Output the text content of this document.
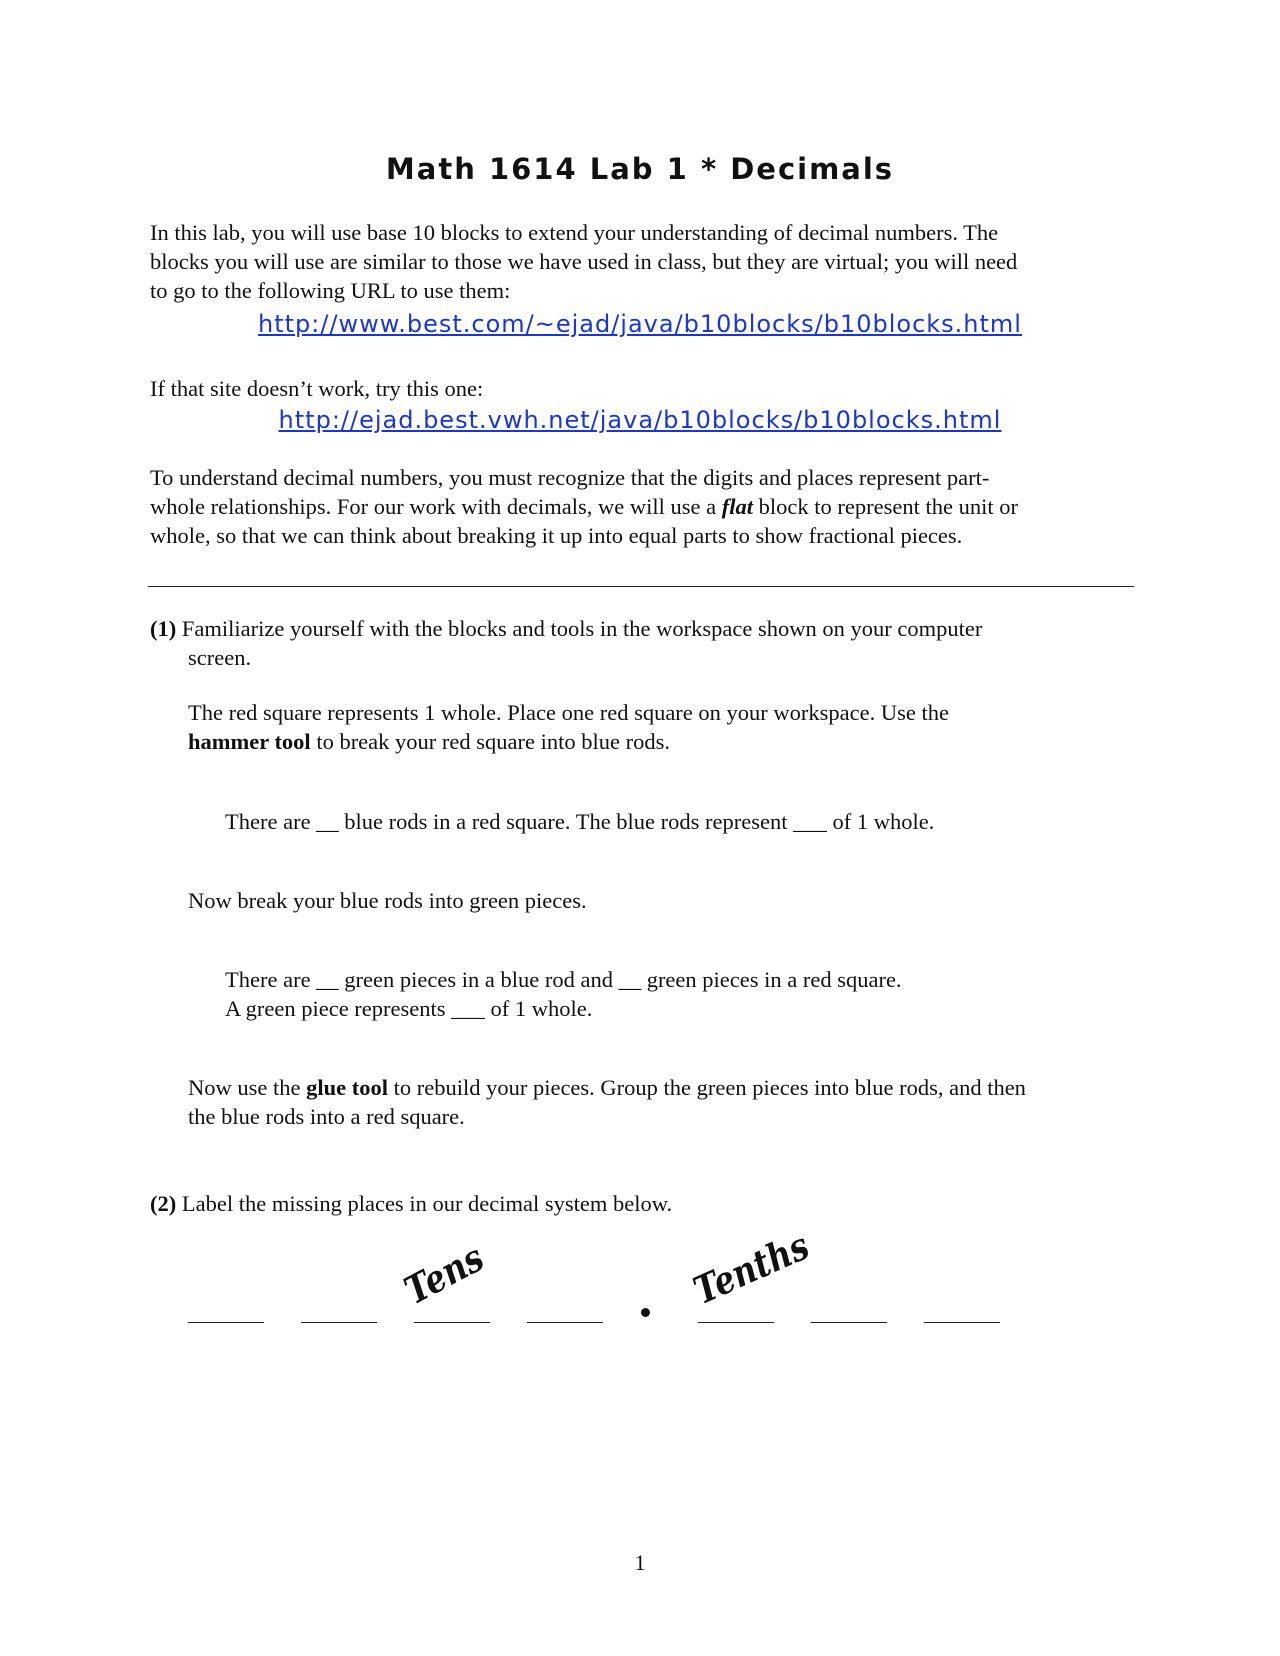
Math 1614 Lab 1 * Decimals

In this lab, you will use base 10 blocks to extend your understanding of decimal numbers. The
blocks you will use are similar to those we have used in class, but they are virtual; you will need
to go to the following URL to use them:

http://www.best.com/~ejad/java/b10blocks/b10blocks.html

If that site doesn’t work, try this one:

http://ejad.best.vwh.net/java/b10blocks/b10blocks.html

To understand decimal numbers, you must recognize that the digits and places represent part-
whole relationships. For our work with decimals, we will use a flat block to represent the unit or
whole, so that we can think about breaking it up into equal parts to show fractional pieces.

(1) Familiarize yourself with the blocks and tools in the workspace shown on your computer
screen.

The red square represents 1 whole. Place one red square on your workspace. Use the
hammer tool to break your red square into blue rods.

There are __ blue rods in a red square. The blue rods represent ___ of 1 whole.

Now break your blue rods into green pieces.

There are __ green pieces in a blue rod and __ green pieces in a red square.
A green piece represents ___ of 1 whole.

Now use the glue tool to rebuild your pieces. Group the green pieces into blue rods, and then
the blue rods into a red square.

(2) Label the missing places in our decimal system below.

Tens	Tenths
1
